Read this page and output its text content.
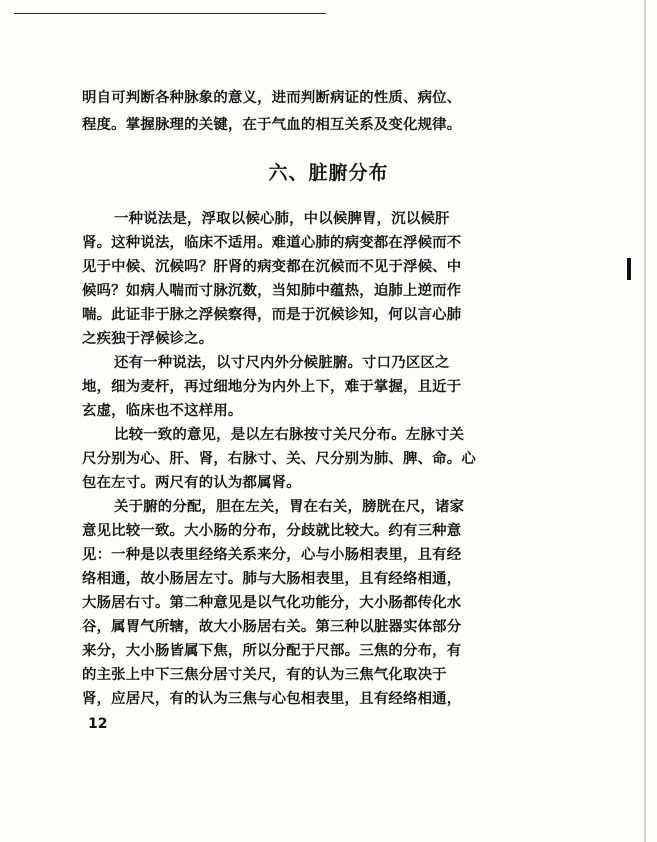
明自可判断各种脉象的意义，进而判断病证的性质、病位、
程度。掌握脉理的关键，在于气血的相互关系及变化规律。
六、脏腑分布
一种说法是，浮取以候心肺，中以候脾胃，沉以候肝
肾。这种说法，临床不适用。难道心肺的病变都在浮候而不
见于中候、沉候吗？肝肾的病变都在沉候而不见于浮候、中
候吗？如病人喘而寸脉沉数，当知肺中蕴热，迫肺上逆而作
喘。此证非于脉之浮候察得，而是于沉候诊知，何以言心肺
之疾独于浮候诊之。
还有一种说法，以寸尺内外分候脏腑。寸口乃区区之
地，细为麦杆，再过细地分为内外上下，难于掌握，且近于
玄虚，临床也不这样用。
比较一致的意见，是以左右脉按寸关尺分布。左脉寸关
尺分别为心、肝、肾，右脉寸、关、尺分别为肺、脾、命。心
包在左寸。两尺有的认为都属肾。
关于腑的分配，胆在左关，胃在右关，膀胱在尺，诸家
意见比较一致。大小肠的分布，分歧就比较大。约有三种意
见：一种是以表里经络关系来分，心与小肠相表里，且有经
络相通，故小肠居左寸。肺与大肠相表里，且有经络相通，
大肠居右寸。第二种意见是以气化功能分，大小肠都传化水
谷，属胃气所辖，故大小肠居右关。第三种以脏器实体部分
来分，大小肠皆属下焦，所以分配于尺部。三焦的分布，有
的主张上中下三焦分居寸关尺，有的认为三焦气化取决于
肾，应居尺，有的认为三焦与心包相表里，且有经络相通，
12
